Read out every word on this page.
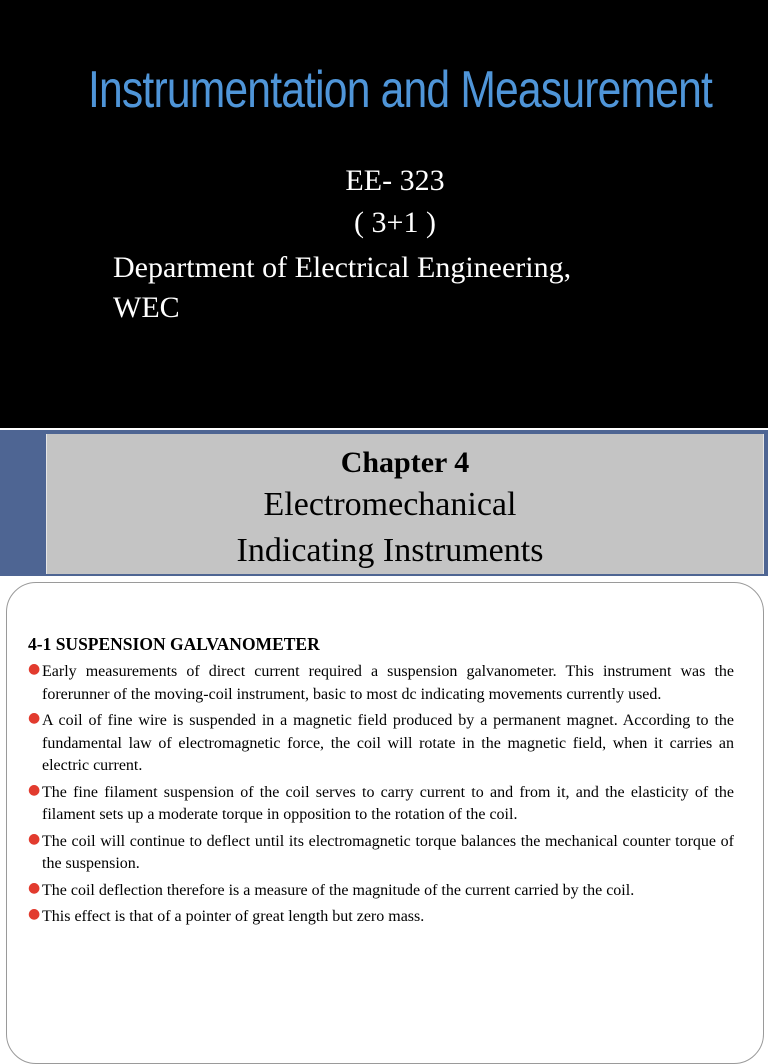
Instrumentation and Measurement
EE- 323
( 3+1 )
Department of Electrical Engineering,
WEC
Chapter 4
Electromechanical
Indicating Instruments
4-1 SUSPENSION GALVANOMETER
● Early measurements of direct current required a suspension galvanometer. This instrument was the forerunner of the moving-coil instrument, basic to most dc indicating movements currently used.
● A coil of fine wire is suspended in a magnetic field produced by a permanent magnet. According to the fundamental law of electromagnetic force, the coil will rotate in the magnetic field, when it carries an electric current.
● The fine filament suspension of the coil serves to carry current to and from it, and the elasticity of the filament sets up a moderate torque in opposition to the rotation of the coil.
● The coil will continue to deflect until its electromagnetic torque balances the mechanical counter torque of the suspension.
● The coil deflection therefore is a measure of the magnitude of the current carried by the coil.
● This effect is that of a pointer of great length but zero mass.
